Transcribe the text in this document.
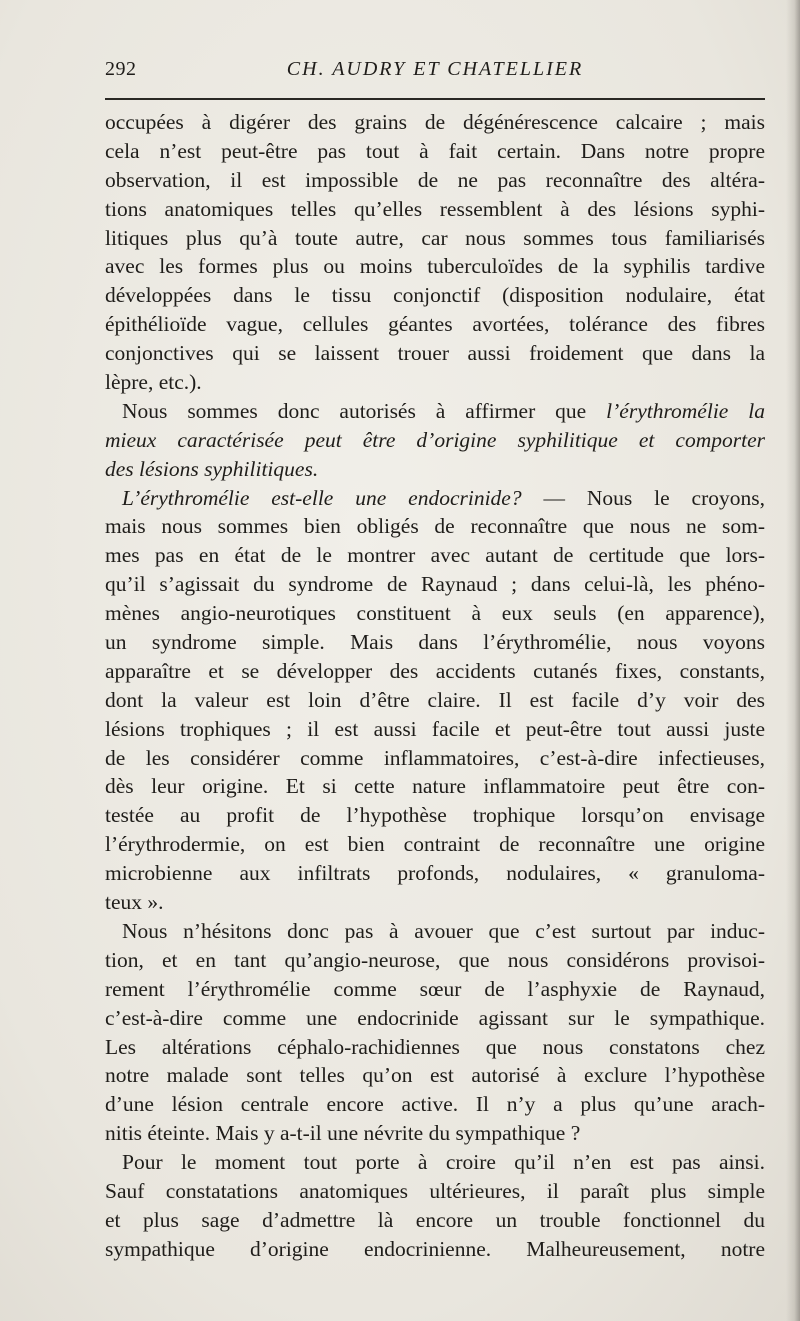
292	CH. AUDRY ET CHATELLIER
occupées à digérer des grains de dégénérescence calcaire ; mais
cela n’est peut-être pas tout à fait certain. Dans notre propre
observation, il est impossible de ne pas reconnaître des altéra-
tions anatomiques telles qu’elles ressemblent à des lésions syphi-
litiques plus qu’à toute autre, car nous sommes tous familiarisés
avec les formes plus ou moins tuberculoïdes de la syphilis tardive
développées dans le tissu conjonctif (disposition nodulaire, état
épithélioïde vague, cellules géantes avortées, tolérance des fibres
conjonctives qui se laissent trouer aussi froidement que dans la
lèpre, etc.).
Nous sommes donc autorisés à affirmer que l’érythromélie la
mieux caractérisée peut être d’origine syphilitique et comporter
des lésions syphilitiques.
L’érythromélie est-elle une endocrinide? — Nous le croyons,
mais nous sommes bien obligés de reconnaître que nous ne som-
mes pas en état de le montrer avec autant de certitude que lors-
qu’il s’agissait du syndrome de Raynaud ; dans celui-là, les phéno-
mènes angio-neurotiques constituent à eux seuls (en apparence),
un syndrome simple. Mais dans l’érythromélie, nous voyons
apparaître et se développer des accidents cutanés fixes, constants,
dont la valeur est loin d’être claire. Il est facile d’y voir des
lésions trophiques ; il est aussi facile et peut-être tout aussi juste
de les considérer comme inflammatoires, c’est-à-dire infectieuses,
dès leur origine. Et si cette nature inflammatoire peut être con-
testée au profit de l’hypothèse trophique lorsqu’on envisage
l’érythrodermie, on est bien contraint de reconnaître une origine
microbienne aux infiltrats profonds, nodulaires, « granuloma-
teux ».
Nous n’hésitons donc pas à avouer que c’est surtout par induc-
tion, et en tant qu’angio-neurose, que nous considérons provisoi-
rement l’érythromélie comme sœur de l’asphyxie de Raynaud,
c’est-à-dire comme une endocrinide agissant sur le sympathique.
Les altérations céphalo-rachidiennes que nous constatons chez
notre malade sont telles qu’on est autorisé à exclure l’hypothèse
d’une lésion centrale encore active. Il n’y a plus qu’une arach-
nitis éteinte. Mais y a-t-il une névrite du sympathique ?
Pour le moment tout porte à croire qu’il n’en est pas ainsi.
Sauf constatations anatomiques ultérieures, il paraît plus simple
et plus sage d’admettre là encore un trouble fonctionnel du
sympathique d’origine endocrinienne. Malheureusement, notre
